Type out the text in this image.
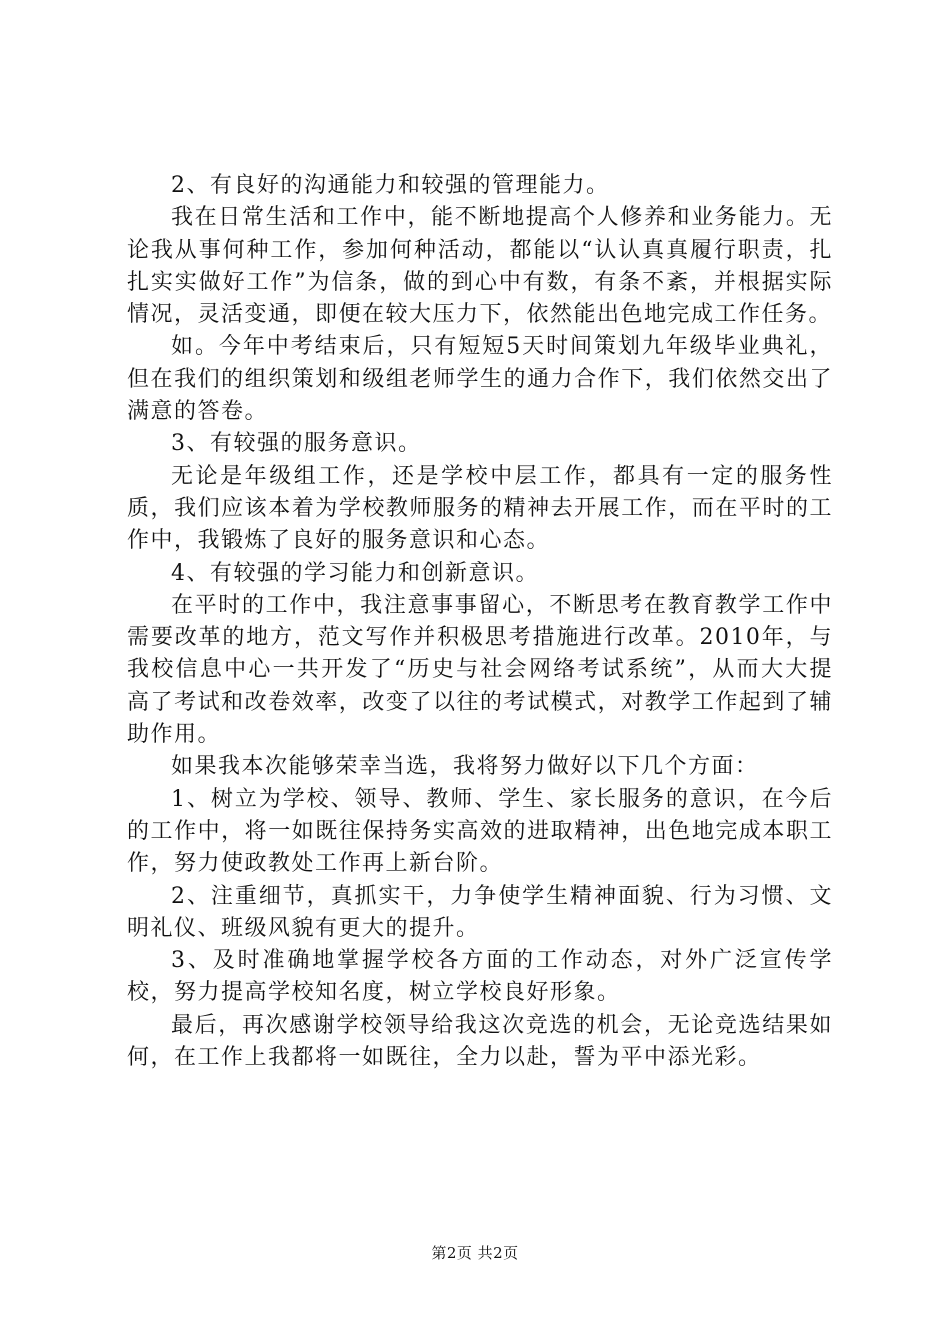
2、有良好的沟通能力和较强的管理能力。

我在日常生活和工作中，能不断地提高个人修养和业务能力。无论我从事何种工作，参加何种活动，都能以“认认真真履行职责，扎扎实实做好工作”为信条，做的到心中有数，有条不紊，并根据实际情况，灵活变通，即便在较大压力下，依然能出色地完成工作任务。

如。今年中考结束后，只有短短5天时间策划九年级毕业典礼，但在我们的组织策划和级组老师学生的通力合作下，我们依然交出了满意的答卷。

3、有较强的服务意识。

无论是年级组工作，还是学校中层工作，都具有一定的服务性质，我们应该本着为学校教师服务的精神去开展工作，而在平时的工作中，我锻炼了良好的服务意识和心态。

4、有较强的学习能力和创新意识。

在平时的工作中，我注意事事留心，不断思考在教育教学工作中需要改革的地方，范文写作并积极思考措施进行改革。2010年，与我校信息中心一共开发了“历史与社会网络考试系统”，从而大大提高了考试和改卷效率，改变了以往的考试模式，对教学工作起到了辅助作用。

如果我本次能够荣幸当选，我将努力做好以下几个方面：

1、树立为学校、领导、教师、学生、家长服务的意识，在今后的工作中，将一如既往保持务实高效的进取精神，出色地完成本职工作，努力使政教处工作再上新台阶。

2、注重细节，真抓实干，力争使学生精神面貌、行为习惯、文明礼仪、班级风貌有更大的提升。

3、及时准确地掌握学校各方面的工作动态，对外广泛宣传学校，努力提高学校知名度，树立学校良好形象。

最后，再次感谢学校领导给我这次竞选的机会，无论竞选结果如何，在工作上我都将一如既往，全力以赴，誓为平中添光彩。

第2页 共2页
